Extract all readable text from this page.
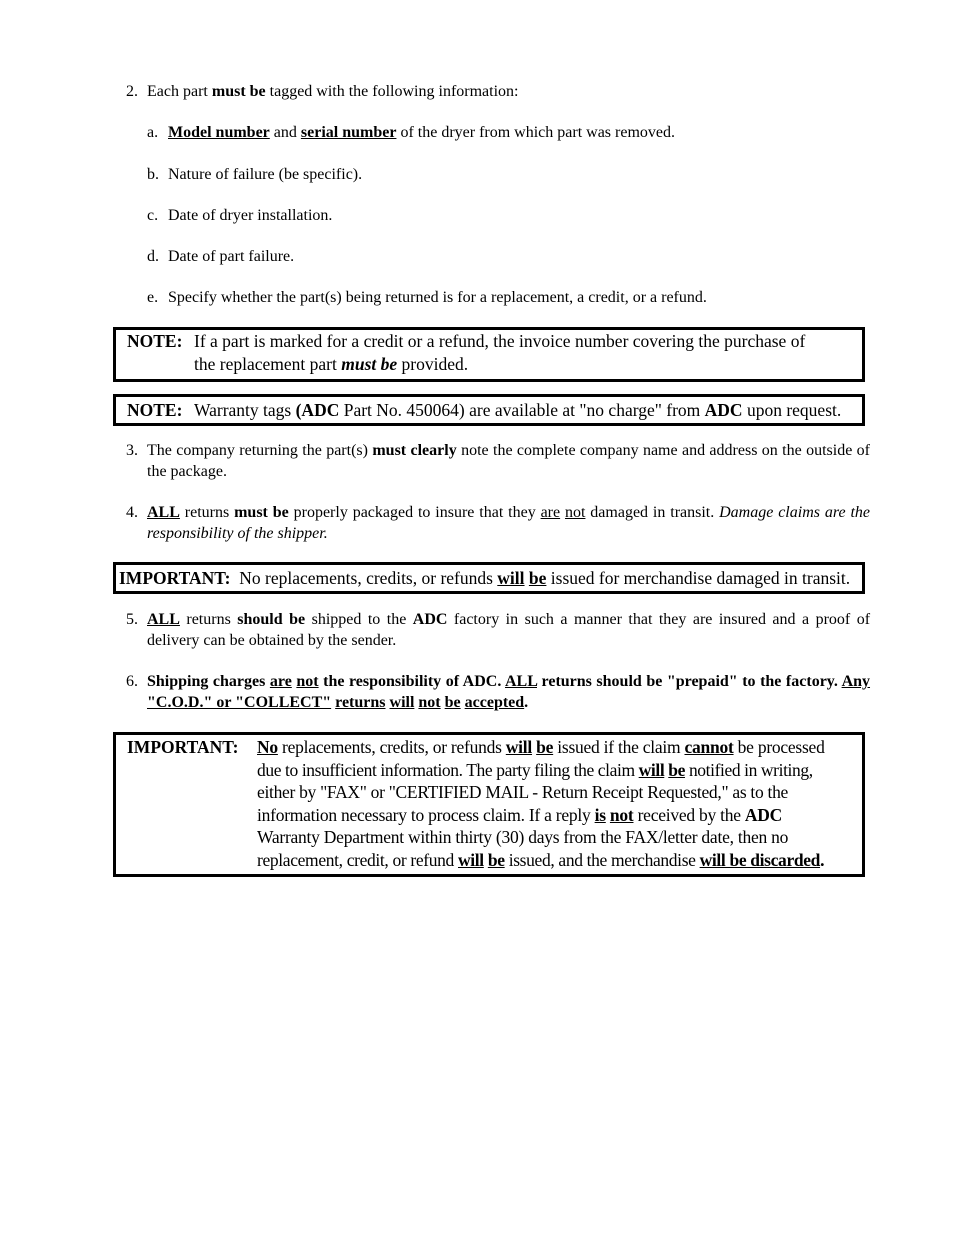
2. Each part must be tagged with the following information:
a. Model number and serial number of the dryer from which part was removed.
b. Nature of failure (be specific).
c. Date of dryer installation.
d. Date of part failure.
e. Specify whether the part(s) being returned is for a replacement, a credit, or a refund.
NOTE: If a part is marked for a credit or a refund, the invoice number covering the purchase of
the replacement part must be provided.
NOTE: Warranty tags (ADC Part No. 450064) are available at "no charge" from ADC upon request.
3. The company returning the part(s) must clearly note the complete company name and address on the outside of the package.
4. ALL returns must be properly packaged to insure that they are not damaged in transit. Damage claims are the responsibility of the shipper.
IMPORTANT: No replacements, credits, or refunds will be issued for merchandise damaged in transit.
5. ALL returns should be shipped to the ADC factory in such a manner that they are insured and a proof of delivery can be obtained by the sender.
6. Shipping charges are not the responsibility of ADC. ALL returns should be "prepaid" to the factory. Any "C.O.D." or "COLLECT" returns will not be accepted.
IMPORTANT: No replacements, credits, or refunds will be issued if the claim cannot be processed
due to insufficient information. The party filing the claim will be notified in writing,
either by "FAX" or "CERTIFIED MAIL - Return Receipt Requested," as to the
information necessary to process claim. If a reply is not received by the ADC
Warranty Department within thirty (30) days from the FAX/letter date, then no
replacement, credit, or refund will be issued, and the merchandise will be discarded.
